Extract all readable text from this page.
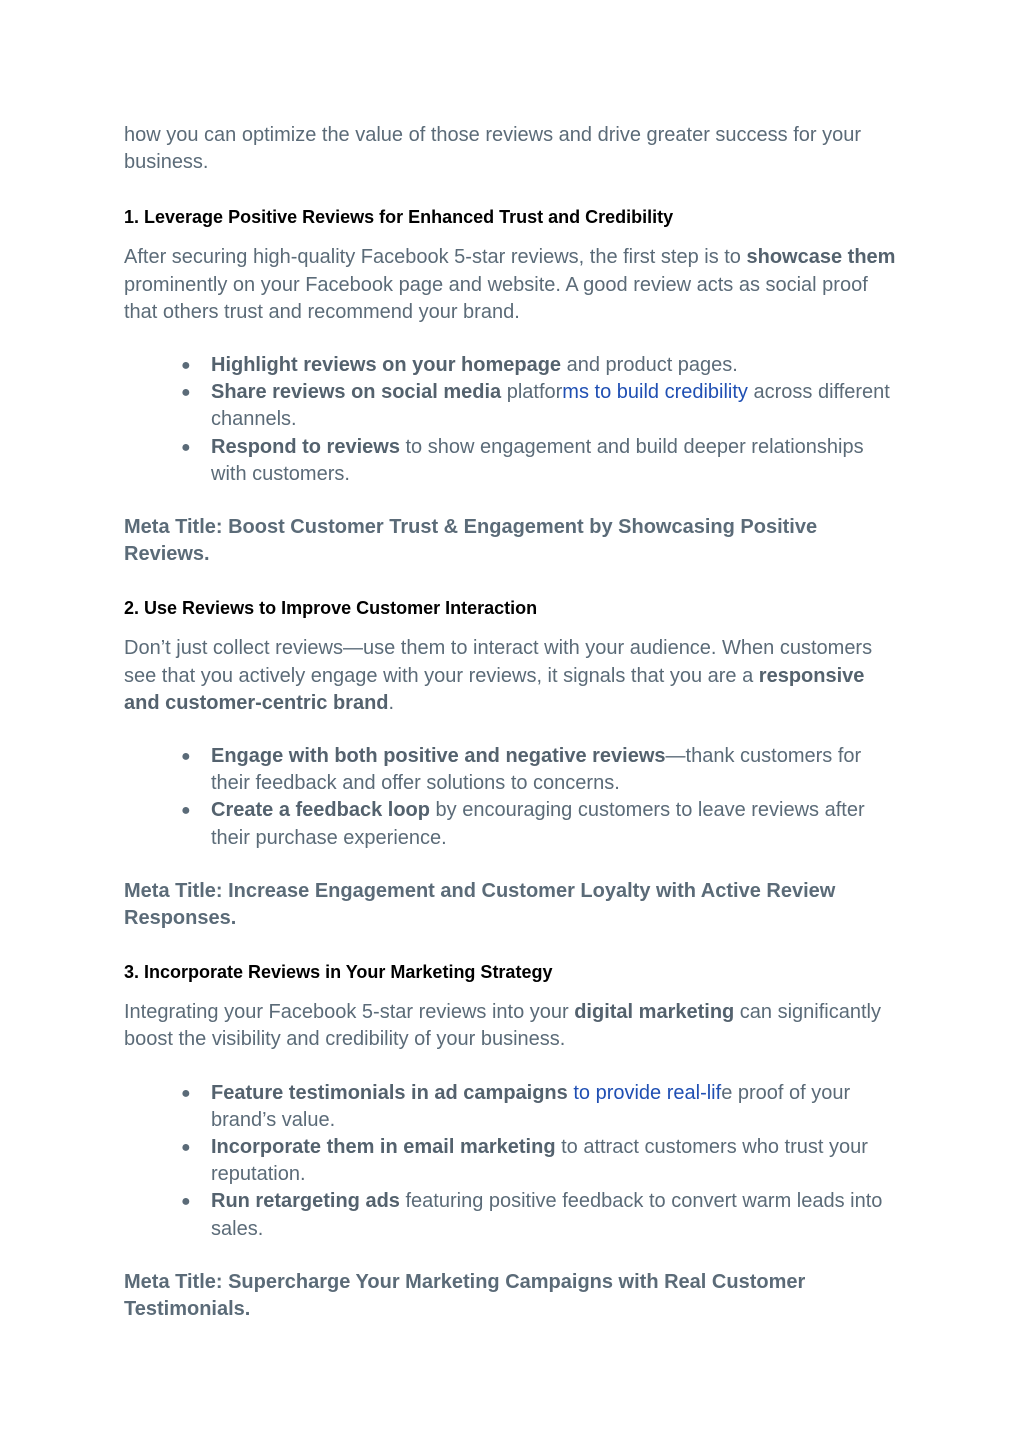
how you can optimize the value of those reviews and drive greater success for your
business.

1. Leverage Positive Reviews for Enhanced Trust and Credibility

After securing high-quality Facebook 5-star reviews, the first step is to showcase them prominently on your Facebook page and website. A good review acts as social proof that others trust and recommend your brand.

● Highlight reviews on your homepage and product pages.
● Share reviews on social media platforms to build credibility across different channels.
● Respond to reviews to show engagement and build deeper relationships with customers.

Meta Title: Boost Customer Trust & Engagement by Showcasing Positive Reviews.

2. Use Reviews to Improve Customer Interaction

Don’t just collect reviews—use them to interact with your audience. When customers see that you actively engage with your reviews, it signals that you are a responsive and customer-centric brand.

● Engage with both positive and negative reviews—thank customers for their feedback and offer solutions to concerns.
● Create a feedback loop by encouraging customers to leave reviews after their purchase experience.

Meta Title: Increase Engagement and Customer Loyalty with Active Review Responses.

3. Incorporate Reviews in Your Marketing Strategy

Integrating your Facebook 5-star reviews into your digital marketing can significantly boost the visibility and credibility of your business.

● Feature testimonials in ad campaigns to provide real-life proof of your brand’s value.
● Incorporate them in email marketing to attract customers who trust your reputation.
● Run retargeting ads featuring positive feedback to convert warm leads into sales.

Meta Title: Supercharge Your Marketing Campaigns with Real Customer Testimonials.
